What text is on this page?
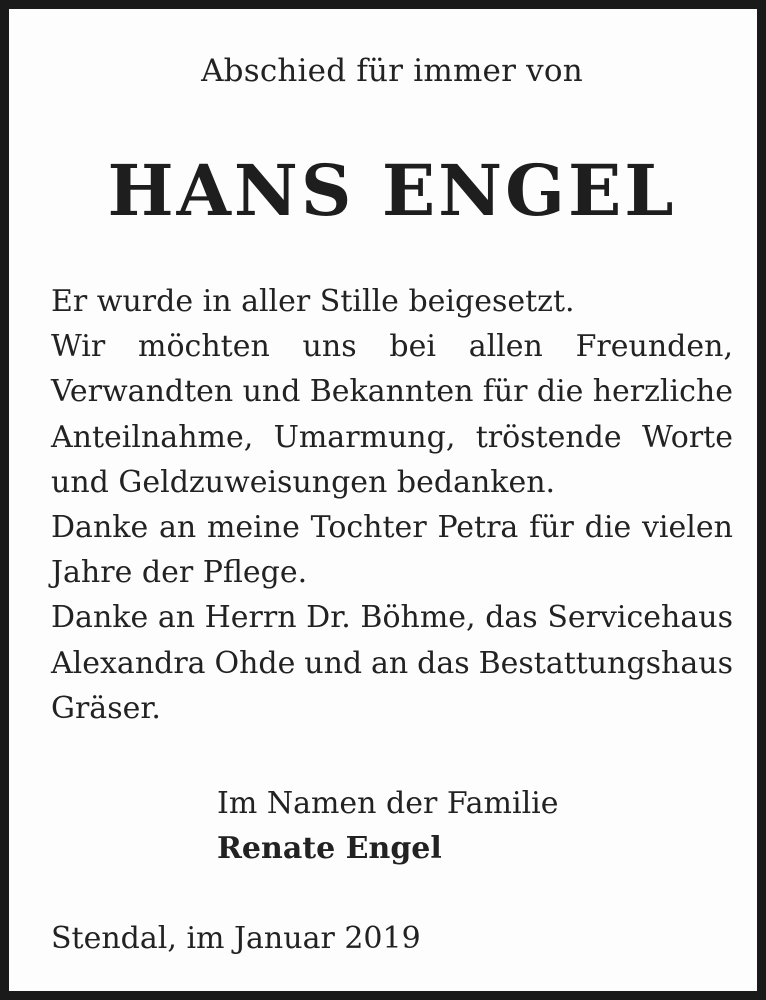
Abschied für immer von
HANS ENGEL
Er wurde in aller Stille beigesetzt.
Wir möchten uns bei allen Freunden,
Verwandten und Bekannten für die herzliche
Anteilnahme, Umarmung, tröstende Worte
und Geldzuweisungen bedanken.
Danke an meine Tochter Petra für die vielen
Jahre der Pflege.
Danke an Herrn Dr. Böhme, das Servicehaus
Alexandra Ohde und an das Bestattungshaus
Gräser.
Im Namen der Familie
Renate Engel
Stendal, im Januar 2019
